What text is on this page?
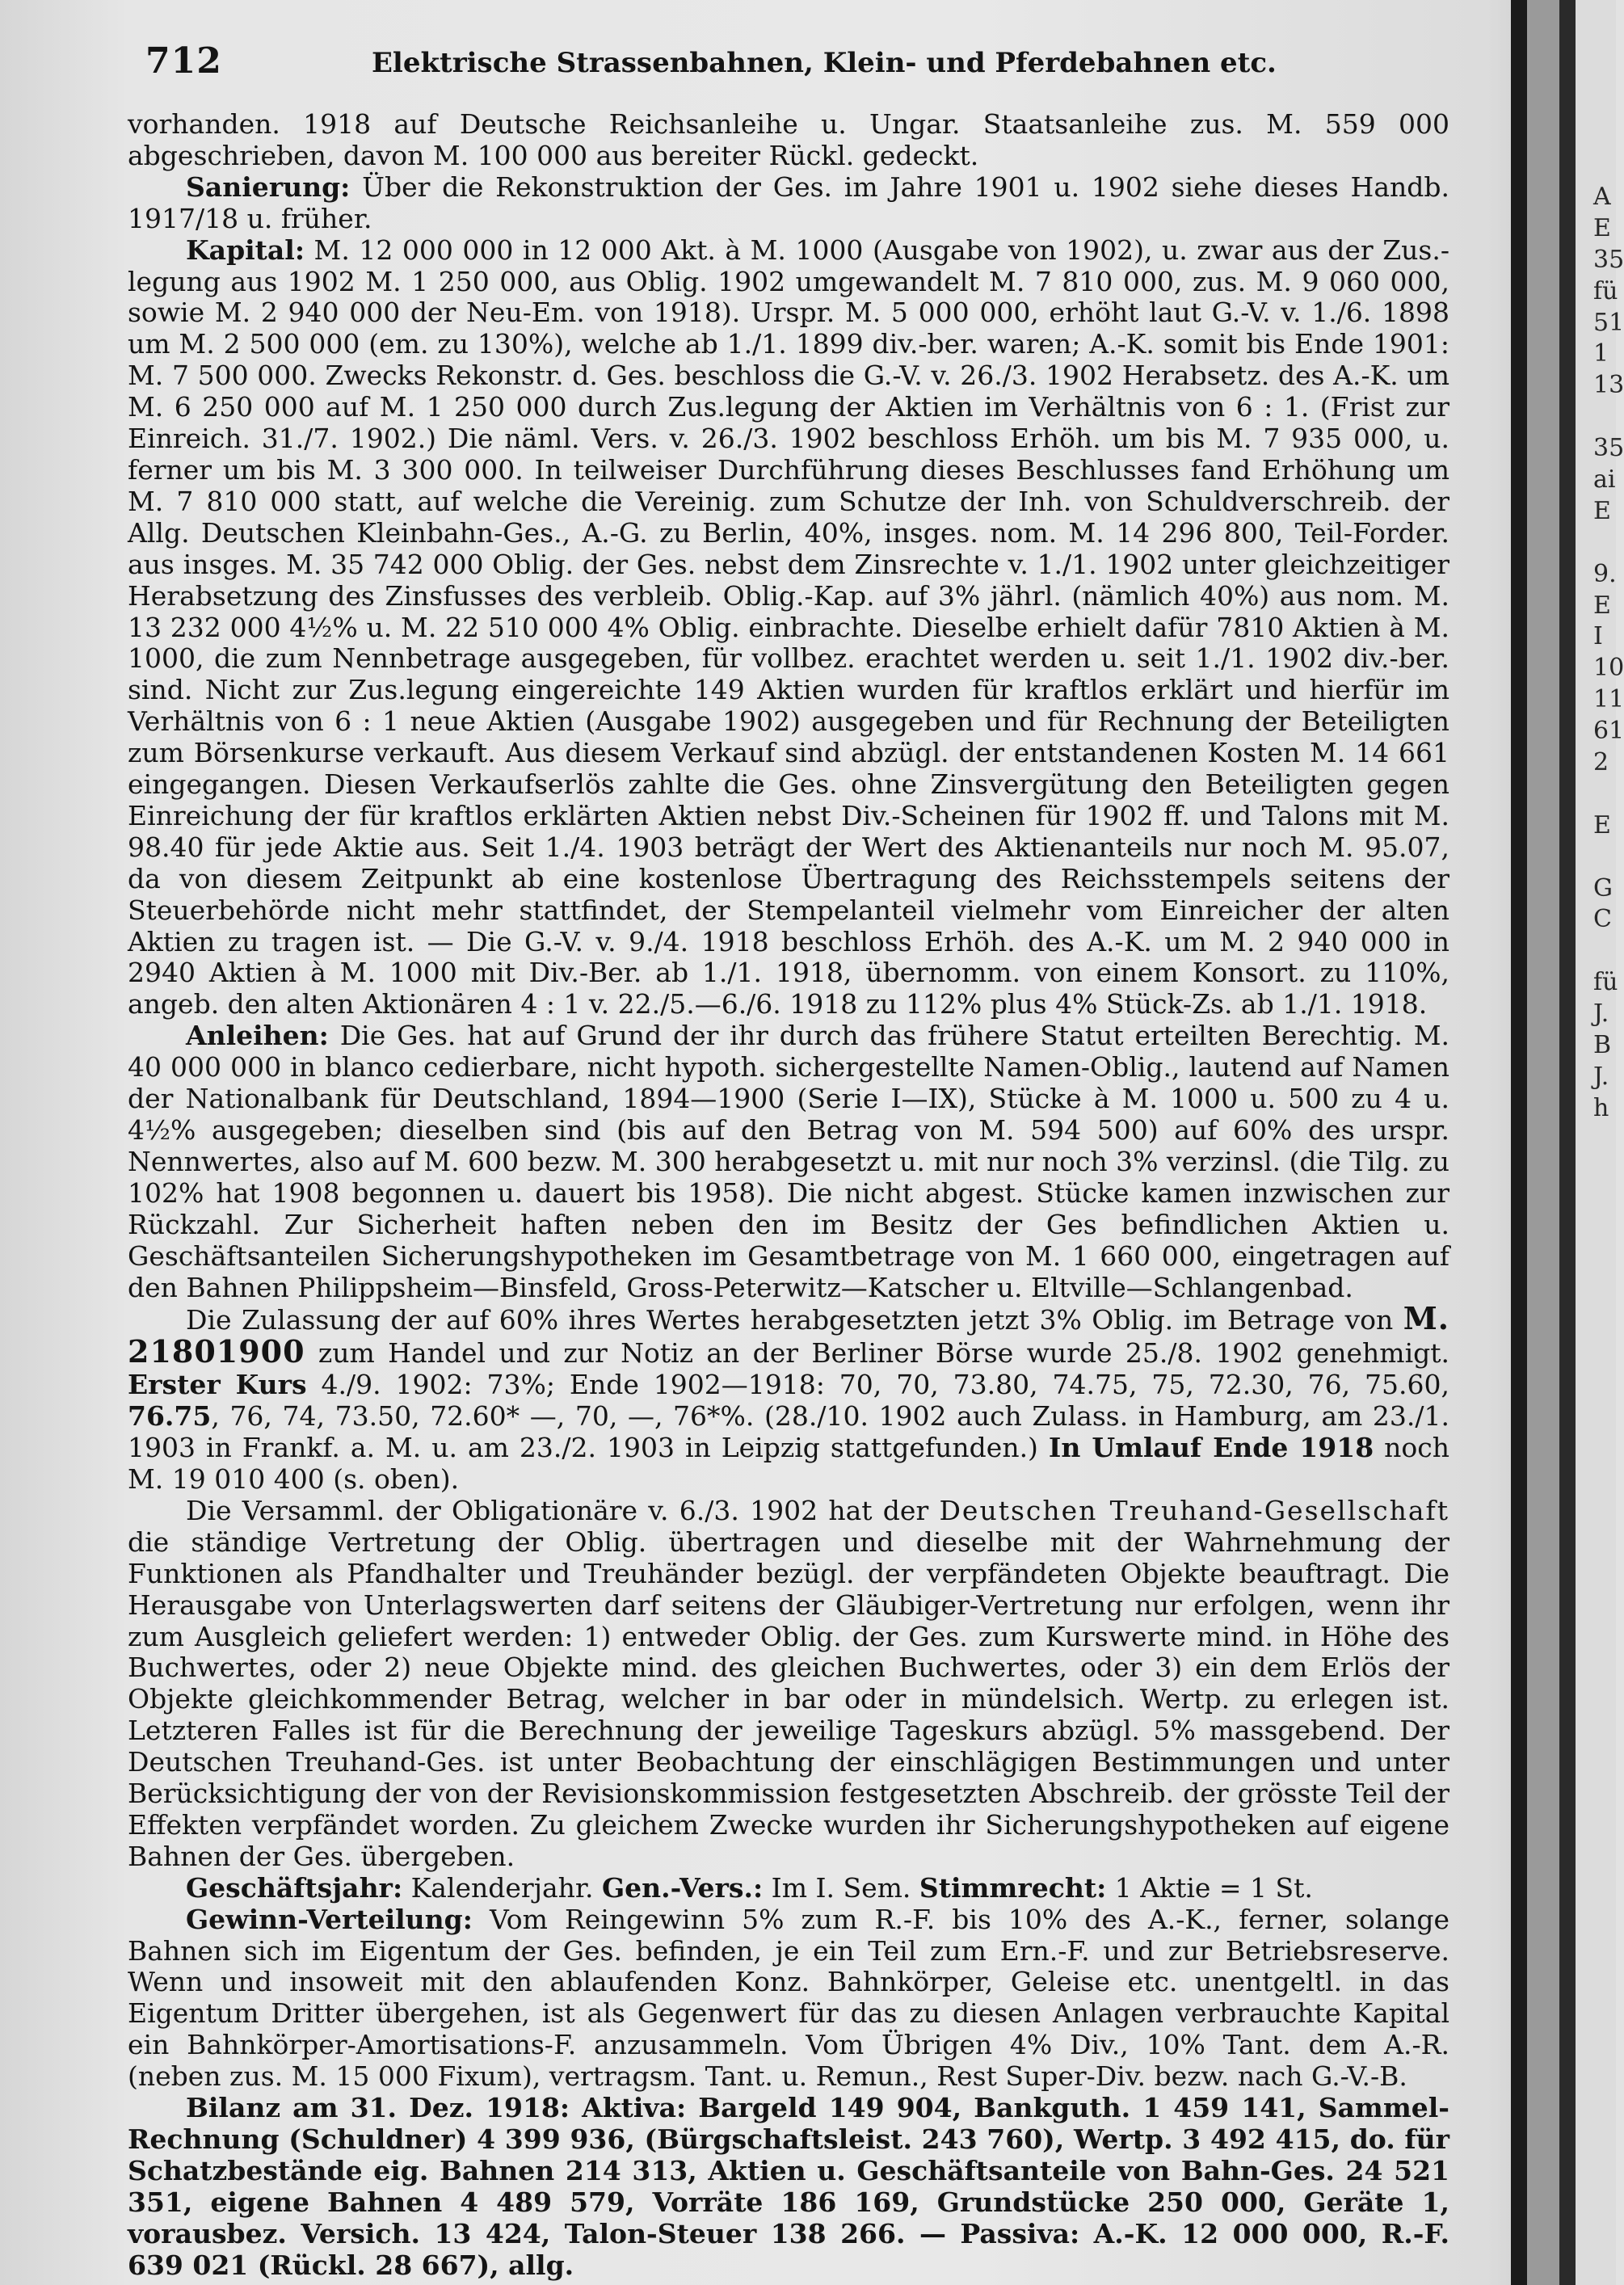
712	Elektrische Strassenbahnen, Klein- und Pferdebahnen etc.

vorhanden. 1918 auf Deutsche Reichsanleihe u. Ungar. Staatsanleihe zus. M. 559 000 abgeschrieben, davon M. 100 000 aus bereiter Rückl. gedeckt.

Sanierung: Über die Rekonstruktion der Ges. im Jahre 1901 u. 1902 siehe dieses Handb. 1917/18 u. früher.

Kapital: M. 12 000 000 in 12 000 Akt. à M. 1000 (Ausgabe von 1902), u. zwar aus der Zus.-legung aus 1902 M. 1 250 000, aus Oblig. 1902 umgewandelt M. 7 810 000, zus. M. 9 060 000, sowie M. 2 940 000 der Neu-Em. von 1918). Urspr. M. 5 000 000, erhöht laut G.-V. v. 1./6. 1898 um M. 2 500 000 (em. zu 130%), welche ab 1./1. 1899 div.-ber. waren; A.-K. somit bis Ende 1901: M. 7 500 000. Zwecks Rekonstr. d. Ges. beschloss die G.-V. v. 26./3. 1902 Herabsetz. des A.-K. um M. 6 250 000 auf M. 1 250 000 durch Zus.legung der Aktien im Verhältnis von 6 : 1. (Frist zur Einreich. 31./7. 1902.) Die näml. Vers. v. 26./3. 1902 beschloss Erhöh. um bis M. 7 935 000, u. ferner um bis M. 3 300 000. In teilweiser Durchführung dieses Beschlusses fand Erhöhung um M. 7 810 000 statt, auf welche die Vereinig. zum Schutze der Inh. von Schuldverschreib. der Allg. Deutschen Kleinbahn-Ges., A.-G. zu Berlin, 40%, insges. nom. M. 14 296 800, Teil-Forder. aus insges. M. 35 742 000 Oblig. der Ges. nebst dem Zinsrechte v. 1./1. 1902 unter gleichzeitiger Herabsetzung des Zinsfusses des verbleib. Oblig.-Kap. auf 3% jährl. (nämlich 40%) aus nom. M. 13 232 000 4½% u. M. 22 510 000 4% Oblig. einbrachte. Dieselbe erhielt dafür 7810 Aktien à M. 1000, die zum Nennbetrage ausgegeben, für vollbez. erachtet werden u. seit 1./1. 1902 div.-ber. sind. Nicht zur Zus.legung eingereichte 149 Aktien wurden für kraftlos erklärt und hierfür im Verhältnis von 6 : 1 neue Aktien (Ausgabe 1902) ausgegeben und für Rechnung der Beteiligten zum Börsenkurse verkauft. Aus diesem Verkauf sind abzügl. der entstandenen Kosten M. 14 661 eingegangen. Diesen Verkaufserlös zahlte die Ges. ohne Zinsvergütung den Beteiligten gegen Einreichung der für kraftlos erklärten Aktien nebst Div.-Scheinen für 1902 ff. und Talons mit M. 98.40 für jede Aktie aus. Seit 1./4. 1903 beträgt der Wert des Aktienanteils nur noch M. 95.07, da von diesem Zeitpunkt ab eine kostenlose Übertragung des Reichsstempels seitens der Steuerbehörde nicht mehr stattfindet, der Stempelanteil vielmehr vom Einreicher der alten Aktien zu tragen ist. — Die G.-V. v. 9./4. 1918 beschloss Erhöh. des A.-K. um M. 2 940 000 in 2940 Aktien à M. 1000 mit Div.-Ber. ab 1./1. 1918, übernomm. von einem Konsort. zu 110%, angeb. den alten Aktionären 4 : 1 v. 22./5.—6./6. 1918 zu 112% plus 4% Stück-Zs. ab 1./1. 1918.

Anleihen: Die Ges. hat auf Grund der ihr durch das frühere Statut erteilten Berechtig. M. 40 000 000 in blanco cedierbare, nicht hypoth. sichergestellte Namen-Oblig., lautend auf Namen der Nationalbank für Deutschland, 1894—1900 (Serie I—IX), Stücke à M. 1000 u. 500 zu 4 u. 4½% ausgegeben; dieselben sind (bis auf den Betrag von M. 594 500) auf 60% des urspr. Nennwertes, also auf M. 600 bezw. M. 300 herabgesetzt u. mit nur noch 3% verzinsl. (die Tilg. zu 102% hat 1908 begonnen u. dauert bis 1958). Die nicht abgest. Stücke kamen inzwischen zur Rückzahl. Zur Sicherheit haften neben den im Besitz der Ges befindlichen Aktien u. Geschäftsanteilen Sicherungshypotheken im Gesamtbetrage von M. 1 660 000, eingetragen auf den Bahnen Philippsheim—Binsfeld, Gross-Peterwitz—Katscher u. Eltville—Schlangenbad.

Die Zulassung der auf 60% ihres Wertes herabgesetzten jetzt 3% Oblig. im Betrage von M. 21801900 zum Handel und zur Notiz an der Berliner Börse wurde 25./8. 1902 genehmigt. Erster Kurs 4./9. 1902: 73%; Ende 1902—1918: 70, 70, 73.80, 74.75, 75, 72.30, 76, 75.60, 76.75, 76, 74, 73.50, 72.60* —, 70, —, 76*%. (28./10. 1902 auch Zulass. in Hamburg, am 23./1. 1903 in Frankf. a. M. u. am 23./2. 1903 in Leipzig stattgefunden.) In Umlauf Ende 1918 noch M. 19 010 400 (s. oben).

Die Versamml. der Obligationäre v. 6./3. 1902 hat der Deutschen Treuhand-Gesellschaft die ständige Vertretung der Oblig. übertragen und dieselbe mit der Wahrnehmung der Funktionen als Pfandhalter und Treuhänder bezügl. der verpfändeten Objekte beauftragt. Die Herausgabe von Unterlagswerten darf seitens der Gläubiger-Vertretung nur erfolgen, wenn ihr zum Ausgleich geliefert werden: 1) entweder Oblig. der Ges. zum Kurswerte mind. in Höhe des Buchwertes, oder 2) neue Objekte mind. des gleichen Buchwertes, oder 3) ein dem Erlös der Objekte gleichkommender Betrag, welcher in bar oder in mündelsich. Wertp. zu erlegen ist. Letzteren Falles ist für die Berechnung der jeweilige Tageskurs abzügl. 5% massgebend. Der Deutschen Treuhand-Ges. ist unter Beobachtung der einschlägigen Bestimmungen und unter Berücksichtigung der von der Revisionskommission festgesetzten Abschreib. der grösste Teil der Effekten verpfändet worden. Zu gleichem Zwecke wurden ihr Sicherungshypotheken auf eigene Bahnen der Ges. übergeben.

Geschäftsjahr: Kalenderjahr. Gen.-Vers.: Im I. Sem. Stimmrecht: 1 Aktie = 1 St.

Gewinn-Verteilung: Vom Reingewinn 5% zum R.-F. bis 10% des A.-K., ferner, solange Bahnen sich im Eigentum der Ges. befinden, je ein Teil zum Ern.-F. und zur Betriebsreserve. Wenn und insoweit mit den ablaufenden Konz. Bahnkörper, Geleise etc. unentgeltl. in das Eigentum Dritter übergehen, ist als Gegenwert für das zu diesen Anlagen verbrauchte Kapital ein Bahnkörper-Amortisations-F. anzusammeln. Vom Übrigen 4% Div., 10% Tant. dem A.-R. (neben zus. M. 15 000 Fixum), vertragsm. Tant. u. Remun., Rest Super-Div. bezw. nach G.-V.-B.

Bilanz am 31. Dez. 1918: Aktiva: Bargeld 149 904, Bankguth. 1 459 141, Sammel-Rechnung (Schuldner) 4 399 936, (Bürgschaftsleist. 243 760), Wertp. 3 492 415, do. für Schatzbestände eig. Bahnen 214 313, Aktien u. Geschäftsanteile von Bahn-Ges. 24 521 351, eigene Bahnen 4 489 579, Vorräte 186 169, Grundstücke 250 000, Geräte 1, vorausbez. Versich. 13 424, Talon-Steuer 138 266. — Passiva: A.-K. 12 000 000, R.-F. 639 021 (Rückl. 28 667), allg.

A
E
35
fü
51
1
13
35
ai
E
9.
E
I
10
11
61
2
E
G
C
fü
J.
B
J.
h
